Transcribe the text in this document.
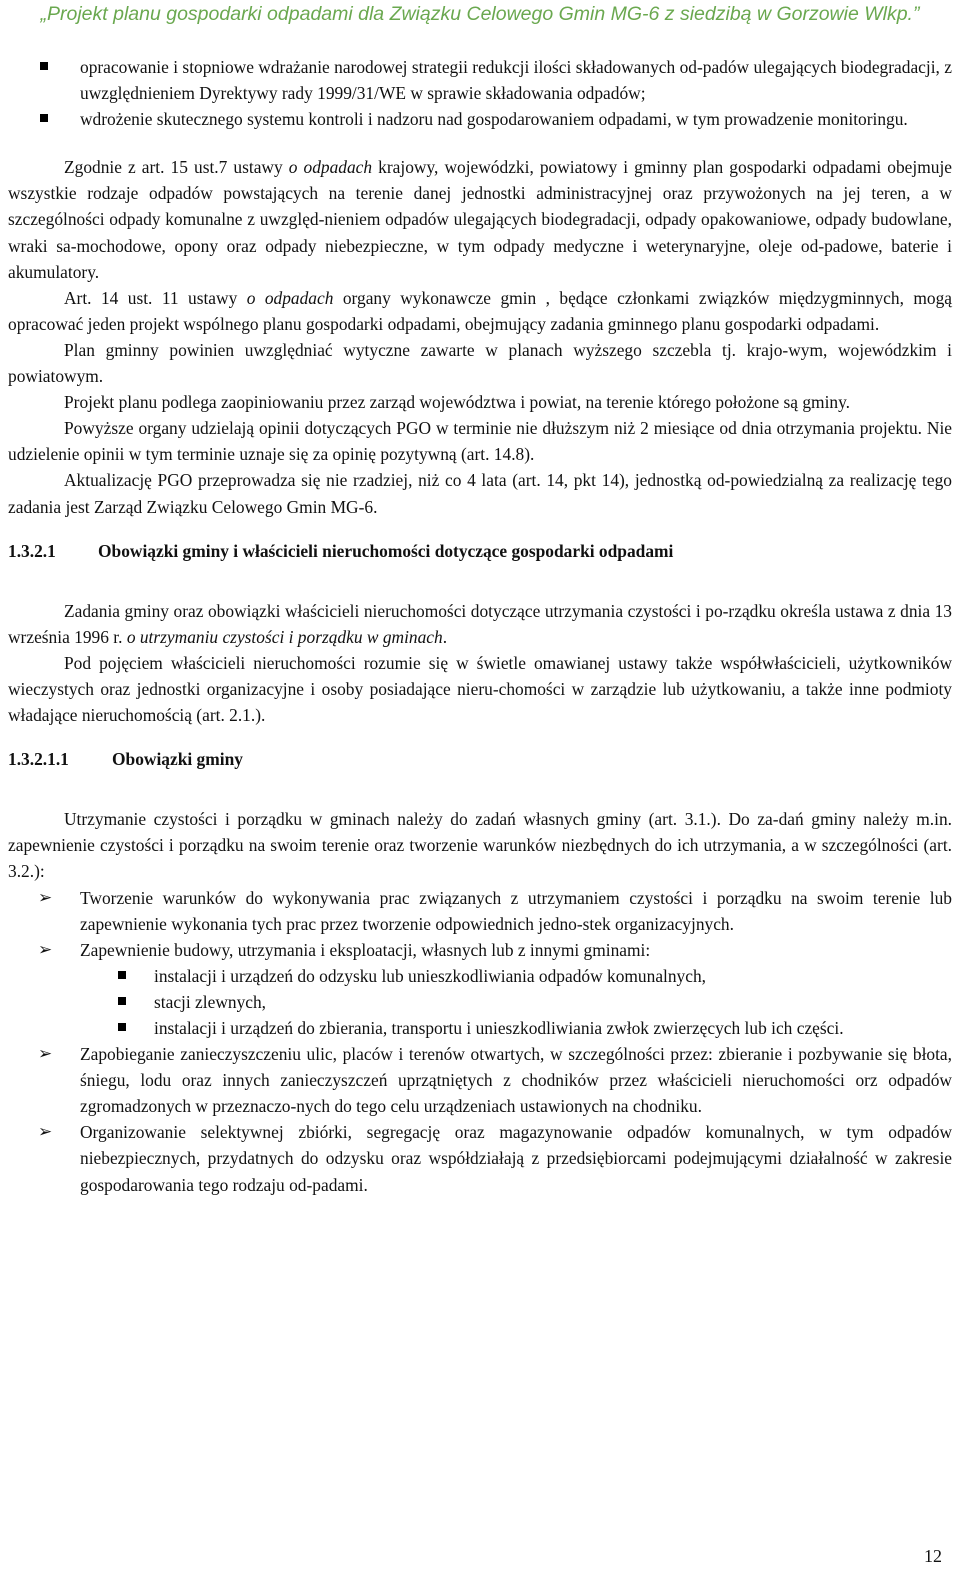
„Projekt planu gospodarki odpadami dla Związku Celowego Gmin MG-6 z siedzibą w Gorzowie Wlkp.”
opracowanie i stopniowe wdrażanie narodowej strategii redukcji ilości składowanych od-padów ulegających biodegradacji, z uwzględnieniem Dyrektywy rady 1999/31/WE w sprawie składowania odpadów;
wdrożenie skutecznego systemu kontroli i nadzoru nad gospodarowaniem odpadami, w tym prowadzenie monitoringu.

Zgodnie z art. 15 ust.7 ustawy o odpadach krajowy, wojewódzki, powiatowy i gminny plan gospodarki odpadami obejmuje wszystkie rodzaje odpadów powstających na terenie danej jednostki administracyjnej oraz przywożonych na jej teren, a w szczególności odpady komunalne z uwzględ-nieniem odpadów ulegających biodegradacji, odpady opakowaniowe, odpady budowlane, wraki sa-mochodowe, opony oraz odpady niebezpieczne, w tym odpady medyczne i weterynaryjne, oleje od-padowe, baterie i akumulatory.

Art. 14 ust. 11 ustawy o odpadach organy wykonawcze gmin , będące członkami związków międzygminnych, mogą opracować jeden projekt wspólnego planu gospodarki odpadami, obejmujący zadania gminnego planu gospodarki odpadami.

Plan gminny powinien uwzględniać wytyczne zawarte w planach wyższego szczebla tj. krajo-wym, wojewódzkim i powiatowym.

Projekt planu podlega zaopiniowaniu przez zarząd województwa i powiat, na terenie którego położone są gminy.

Powyższe organy udzielają opinii dotyczących PGO w terminie nie dłuższym niż 2 miesiące od dnia otrzymania projektu. Nie udzielenie opinii w tym terminie uznaje się za opinię pozytywną (art. 14.8).

Aktualizację PGO przeprowadza się nie rzadziej, niż co 4 lata (art. 14, pkt 14), jednostką od-powiedzialną za realizację tego zadania jest Zarząd Związku Celowego Gmin MG-6.

1.3.2.1	Obowiązki gminy i właścicieli nieruchomości dotyczące gospodarki odpadami

Zadania gminy oraz obowiązki właścicieli nieruchomości dotyczące utrzymania czystości i po-rządku określa ustawa z dnia 13 września 1996 r. o utrzymaniu czystości i porządku w gminach.

Pod pojęciem właścicieli nieruchomości rozumie się w świetle omawianej ustawy także współwłaścicieli, użytkowników wieczystych oraz jednostki organizacyjne i osoby posiadające nieru-chomości w zarządzie lub użytkowaniu, a także inne podmioty władające nieruchomością (art. 2.1.).

1.3.2.1.1	Obowiązki gminy

Utrzymanie czystości i porządku w gminach należy do zadań własnych gminy (art. 3.1.). Do za-dań gminy należy m.in. zapewnienie czystości i porządku na swoim terenie oraz tworzenie warunków niezbędnych do ich utrzymania, a w szczególności (art. 3.2.):

➢ Tworzenie warunków do wykonywania prac związanych z utrzymaniem czystości i porządku na swoim terenie lub zapewnienie wykonania tych prac przez tworzenie odpowiednich jedno-stek organizacyjnych.
➢ Zapewnienie budowy, utrzymania i eksploatacji, własnych lub z innymi gminami:
instalacji i urządzeń do odzysku lub unieszkodliwiania odpadów komunalnych,
stacji zlewnych,
instalacji i urządzeń do zbierania, transportu i unieszkodliwiania zwłok zwierzęcych lub ich części.
➢ Zapobieganie zanieczyszczeniu ulic, placów i terenów otwartych, w szczególności przez: zbieranie i pozbywanie się błota, śniegu, lodu oraz innych zanieczyszczeń uprzątniętych z chodników przez właścicieli nieruchomości orz odpadów zgromadzonych w przeznaczo-nych do tego celu urządzeniach ustawionych na chodniku.
➢ Organizowanie selektywnej zbiórki, segregację oraz magazynowanie odpadów komunalnych, w tym odpadów niebezpiecznych, przydatnych do odzysku oraz współdziałają z przedsiębiorcami podejmującymi działalność w zakresie gospodarowania tego rodzaju od-padami.
12
